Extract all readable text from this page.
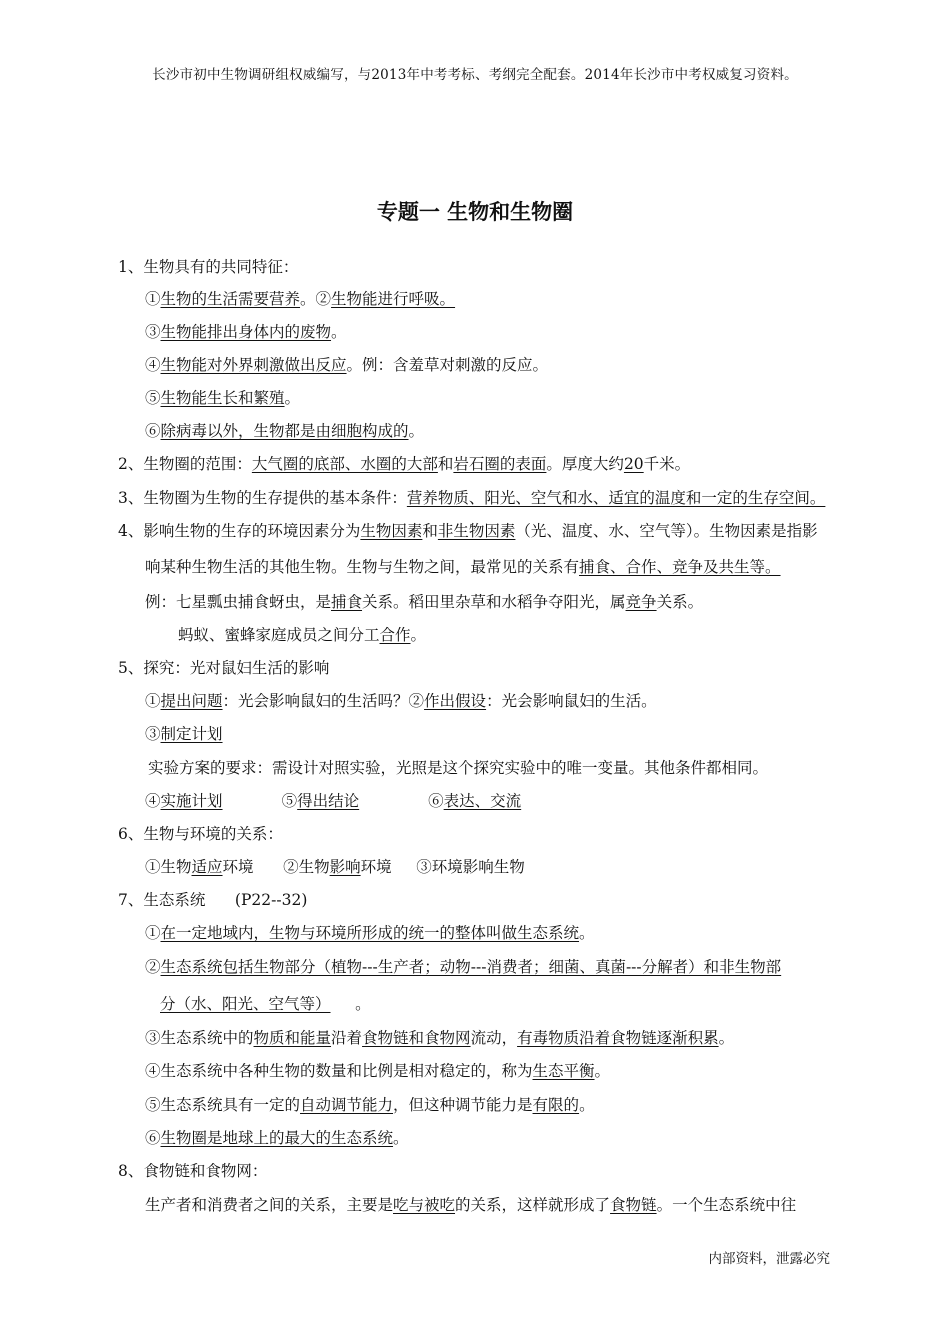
长沙市初中生物调研组权威编写，与2013年中考考标、考纲完全配套。2014年长沙市中考权威复习资料。
专题一 生物和生物圈
1、生物具有的共同特征：
①生物的生活需要营养。②生物能进行呼吸。
③生物能排出身体内的废物。
④生物能对外界刺激做出反应。例：含羞草对刺激的反应。
⑤生物能生长和繁殖。
⑥除病毒以外，生物都是由细胞构成的。
2、生物圈的范围：大气圈的底部、水圈的大部和岩石圈的表面。厚度大约20千米。
3、生物圈为生物的生存提供的基本条件：营养物质、阳光、空气和水、适宜的温度和一定的生存空间。
4、影响生物的生存的环境因素分为生物因素和非生物因素（光、温度、水、空气等）。生物因素是指影
响某种生物生活的其他生物。生物与生物之间，最常见的关系有捕食、合作、竞争及共生等。
例：七星瓢虫捕食蚜虫，是捕食关系。稻田里杂草和水稻争夺阳光，属竞争关系。
蚂蚁、蜜蜂家庭成员之间分工合作。
5、探究：光对鼠妇生活的影响
①提出问题：光会影响鼠妇的生活吗？②作出假设：光会影响鼠妇的生活。
③制定计划
实验方案的要求：需设计对照实验，光照是这个探究实验中的唯一变量。其他条件都相同。
④实施计划            ⑤得出结论              ⑥表达、交流
6、生物与环境的关系：
①生物适应环境      ②生物影响环境     ③环境影响生物
7、生态系统      (P22--32)
①在一定地域内，生物与环境所形成的统一的整体叫做生态系统。
②生态系统包括生物部分（植物---生产者；动物---消费者；细菌、真菌---分解者）和非生物部
分（水、阳光、空气等）     。
③生态系统中的物质和能量沿着食物链和食物网流动，有毒物质沿着食物链逐渐积累。
④生态系统中各种生物的数量和比例是相对稳定的，称为生态平衡。
⑤生态系统具有一定的自动调节能力，但这种调节能力是有限的。
⑥生物圈是地球上的最大的生态系统。
8、食物链和食物网：
生产者和消费者之间的关系，主要是吃与被吃的关系，这样就形成了食物链。一个生态系统中往
内部资料，泄露必究
